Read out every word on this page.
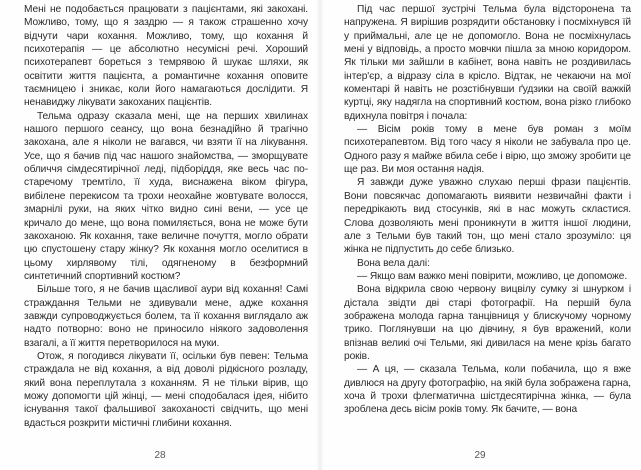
Мені не подобається працювати з пацієнтами, які закохані. Можливо, тому, що я заздрю — я також страшенно хочу відчути чари кохання. Можливо, тому, що кохання й психотерапія — це абсолютно несумісні речі. Хороший психотерапевт бореться з темрявою й шукає шляхи, як освітити життя пацієнта, а романтичне кохання оповите таємницею і зникає, коли його намагаються дослідити. Я ненавиджу лікувати закоханих пацієнтів.

Тельма одразу сказала мені, ще на перших хвилинах нашого першого сеансу, що вона безнадійно й трагічно закохана, але я ніколи не вагався, чи взяти її на лікування. Усе, що я бачив під час нашого знайомства, — зморщувате обличчя сімдесятирічної леді, підборіддя, яке весь час по-старечому тремтіло, її худа, виснажена віком фігура, вибілене перекисом та трохи неохайне жовтувате волосся, змарнілі руки, на яких чітко видно сині вени, — усе це кричало до мене, що вона помиляється, вона не може бути закоханою. Як кохання, таке величне почуття, могло обрати цю спустошену стару жінку? Як кохання могло оселитися в цьому хирлявому тілі, одягненому в безформний синтетичний спортивний костюм?

Більше того, я не бачив щасливої аури від кохання! Самі страждання Тельми не здивували мене, адже кохання завжди супроводжується болем, та її кохання виглядало аж надто потворно: воно не приносило ніякого задоволення взагалі, а її життя перетворилося на муки.

Отож, я погодився лікувати її, осільки був певен: Тельма страждала не від кохання, а від доволі рідкісного розладу, який вона переплутала з коханням. Я не тільки вірив, що можу допомогти цій жінці, — мені сподобалася ідея, нібито існування такої фальшивої закоханості свідчить, що мені вдасться розкрити містичні глибини кохання.

28

Під час першої зустрічі Тельма була відсторонена та напружена. Я вирішив розрядити обстановку і посміхнувся їй у приймальні, але це не допомогло. Вона не посміхнулась мені у відповідь, а просто мовчки пішла за мною коридором. Як тільки ми зайшли в кабінет, вона навіть не роздивилась інтер'єр, а відразу сіла в крісло. Відтак, не чекаючи на мої коментарі й навіть не розстібнувши ґудзики на своїй важкій куртці, яку надягла на спортивний костюм, вона різко глибоко вдихнула повітря і почала:

— Вісім років тому в мене був роман з моїм психотерапевтом. Від того часу я ніколи не забувала про це. Одного разу я майже вбила себе і вірю, що зможу зробити це ще раз. Ви моя остання надія.

Я завжди дуже уважно слухаю перші фрази пацієнтів. Вони повсякчас допомагають виявити незвичайні факти і передрікають вид стосунків, які в нас можуть скластися. Слова дозволяють мені проникнути в життя іншої людини, але з Тельми був такий тон, що мені стало зрозуміло: ця жінка не підпустить до себе близько.

Вона вела далі:

— Якщо вам важко мені повірити, можливо, це допоможе.

Вона відкрила свою червону вицвілу сумку зі шнурком і дістала звідти дві старі фотографії. На першій була зображена молода гарна танцівниця у блискучому чорному трико. Поглянувши на цю дівчину, я був вражений, коли впізнав великі очі Тельми, які дивилася на мене крізь багато років.

— А ця, — сказала Тельма, коли побачила, що я вже дивлюся на другу фотографію, на якій була зображена гарна, хоча й трохи флегматична шістдесятирічна жінка, — була зроблена десь вісім років тому. Як бачите, — вона

29
